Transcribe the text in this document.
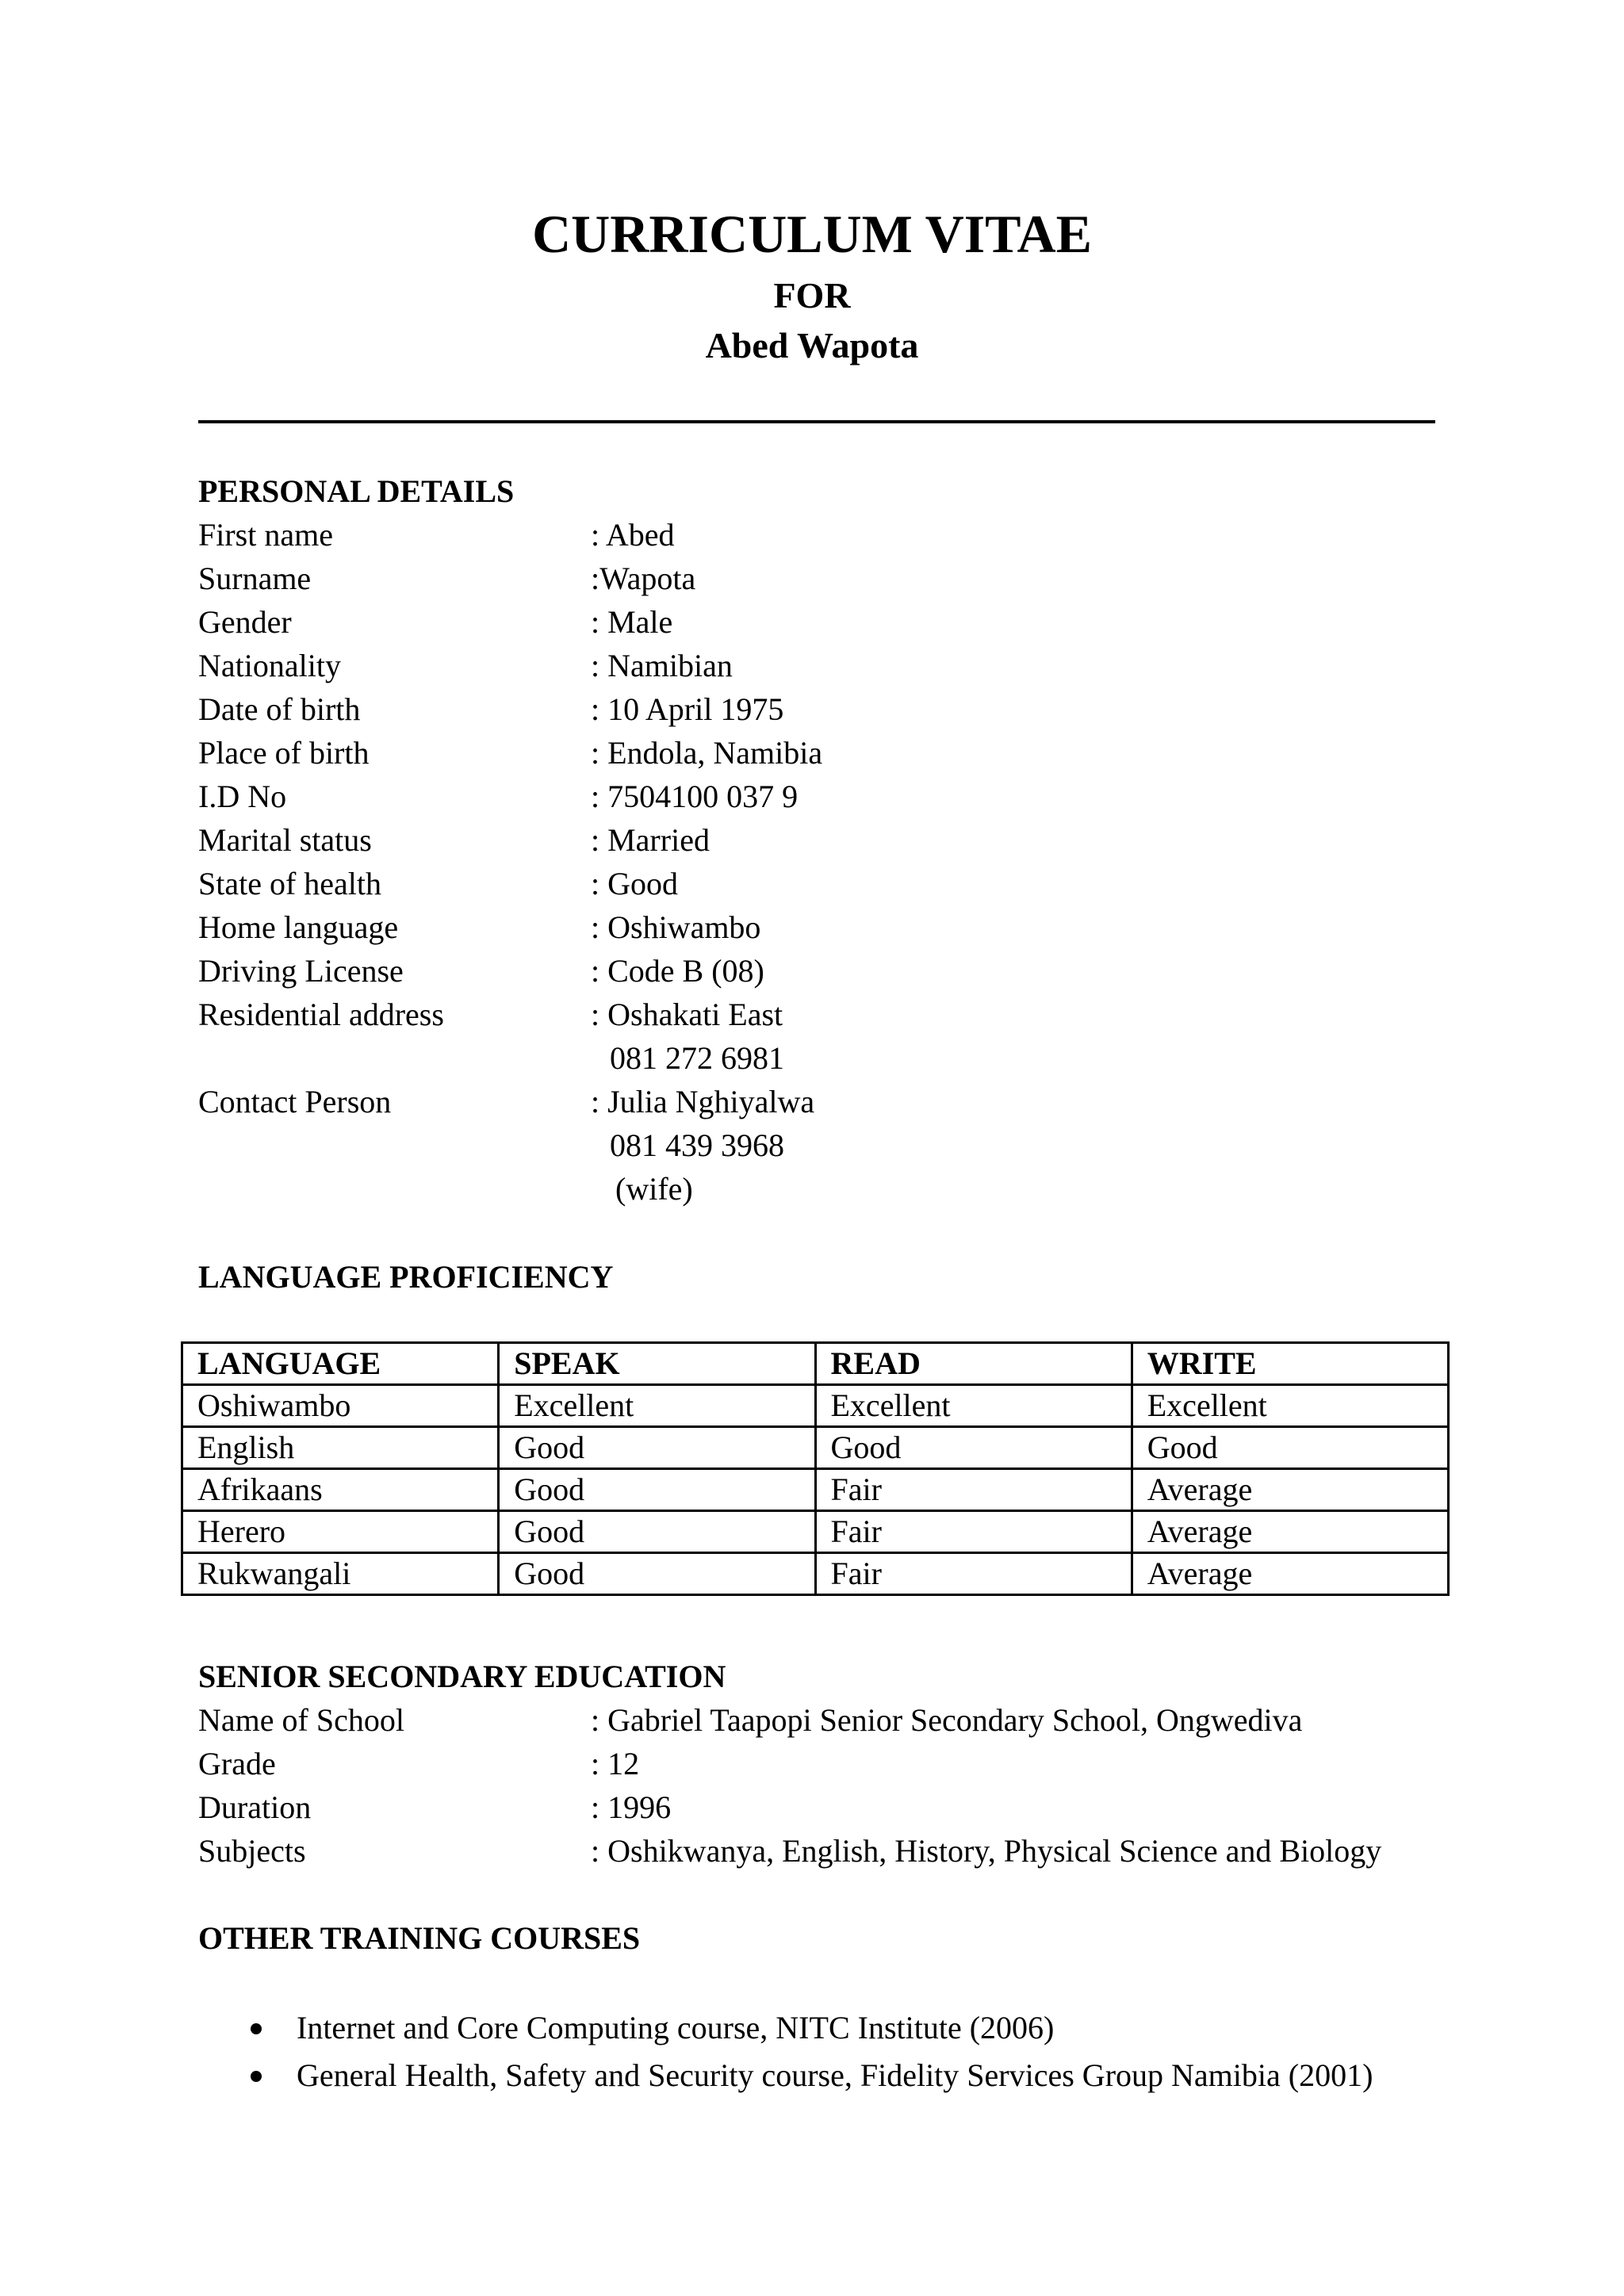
CURRICULUM VITAE
FOR
Abed Wapota
PERSONAL DETAILS
First name	: Abed
Surname	:Wapota
Gender	: Male
Nationality	: Namibian
Date of birth	: 10 April 1975
Place of birth	: Endola, Namibia
I.D No	: 7504100 037 9
Marital status	: Married
State of health	: Good
Home language	: Oshiwambo
Driving License	: Code B (08)
Residential address	: Oshakati East
081 272 6981
Contact Person	: Julia Nghiyalwa
081 439 3968
(wife)
LANGUAGE PROFICIENCY
LANGUAGE	SPEAK	READ	WRITE
Oshiwambo	Excellent	Excellent	Excellent
English	Good	Good	Good
Afrikaans	Good	Fair	Average
Herero	Good	Fair	Average
Rukwangali	Good	Fair	Average
SENIOR SECONDARY EDUCATION
Name of School	: Gabriel Taapopi Senior Secondary School, Ongwediva
Grade	: 12
Duration	: 1996
Subjects	: Oshikwanya, English, History, Physical Science and Biology
OTHER TRAINING COURSES
Internet and Core Computing course, NITC Institute (2006)
General Health, Safety and Security course, Fidelity Services Group Namibia (2001)
